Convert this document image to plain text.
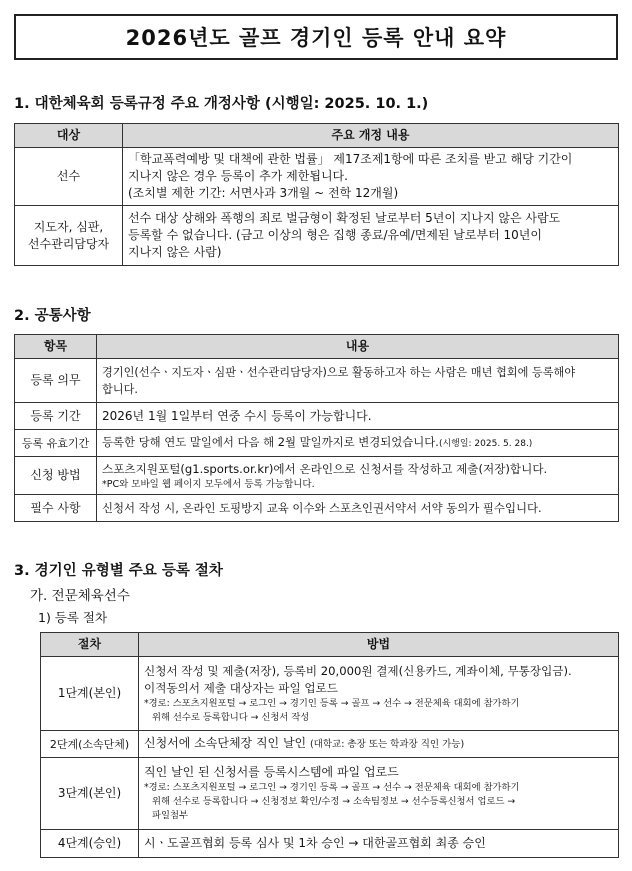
2026년도 골프 경기인 등록 안내 요약
1. 대한체육회 등록규정 주요 개정사항 (시행일: 2025. 10. 1.)
대상	주요 개정 내용
선수	「학교폭력예방 및 대책에 관한 법률」 제17조제1항에 따른 조치를 받고 해당 기간이
지나지 않은 경우 등록이 추가 제한됩니다.
(조치별 제한 기간: 서면사과 3개월 ~ 전학 12개월)

지도자, 심판,
선수관리담당자	선수 대상 상해와 폭행의 죄로 벌금형이 확정된 날로부터 5년이 지나지 않은 사람도
등록할 수 없습니다. (금고 이상의 형은 집행 종료/유예/면제된 날로부터 10년이
지나지 않은 사람)
2. 공통사항
항목	내용
등록 의무	경기인(선수ㆍ지도자ㆍ심판ㆍ선수관리담당자)으로 활동하고자 하는 사람은 매년 협회에 등록해야
합니다.

등록 기간	2026년 1월 1일부터 연중 수시 등록이 가능합니다.
등록 유효기간	등록한 당해 연도 말일에서 다음 해 2월 말일까지로 변경되었습니다.(시행일: 2025. 5. 28.)
신청 방법	스포츠지원포털(g1.sports.or.kr)에서 온라인으로 신청서를 작성하고 제출(저장)합니다.
*PC와 모바일 웹 페이지 모두에서 등록 가능합니다.

필수 사항	신청서 작성 시, 온라인 도핑방지 교육 이수와 스포츠인권서약서 서약 동의가 필수입니다.
3. 경기인 유형별 주요 등록 절차
가. 전문체육선수
1) 등록 절차
절차	방법
1단계(본인)	신청서 작성 및 제출(저장), 등록비 20,000원 결제(신용카드, 계좌이체, 무통장입금).
이적동의서 제출 대상자는 파일 업로드
*경로: 스포츠지원포털 → 로그인 → 경기인 등록 → 골프 → 선수 → 전문체육 대회에 참가하기
위해 선수로 등록합니다 → 신청서 작성

2단계(소속단체)	신청서에 소속단체장 직인 날인 (대학교: 총장 또는 학과장 직인 가능)
3단계(본인)	직인 날인 된 신청서를 등록시스템에 파일 업로드
*경로: 스포츠지원포털 → 로그인 → 경기인 등록 → 골프 → 선수 → 전문체육 대회에 참가하기
위해 선수로 등록합니다 → 신청정보 확인/수정 → 소속팀정보 → 선수등록신청서 업로드 →
파일첨부

4단계(승인)	시ㆍ도골프협회 등록 심사 및 1차 승인 → 대한골프협회 최종 승인
